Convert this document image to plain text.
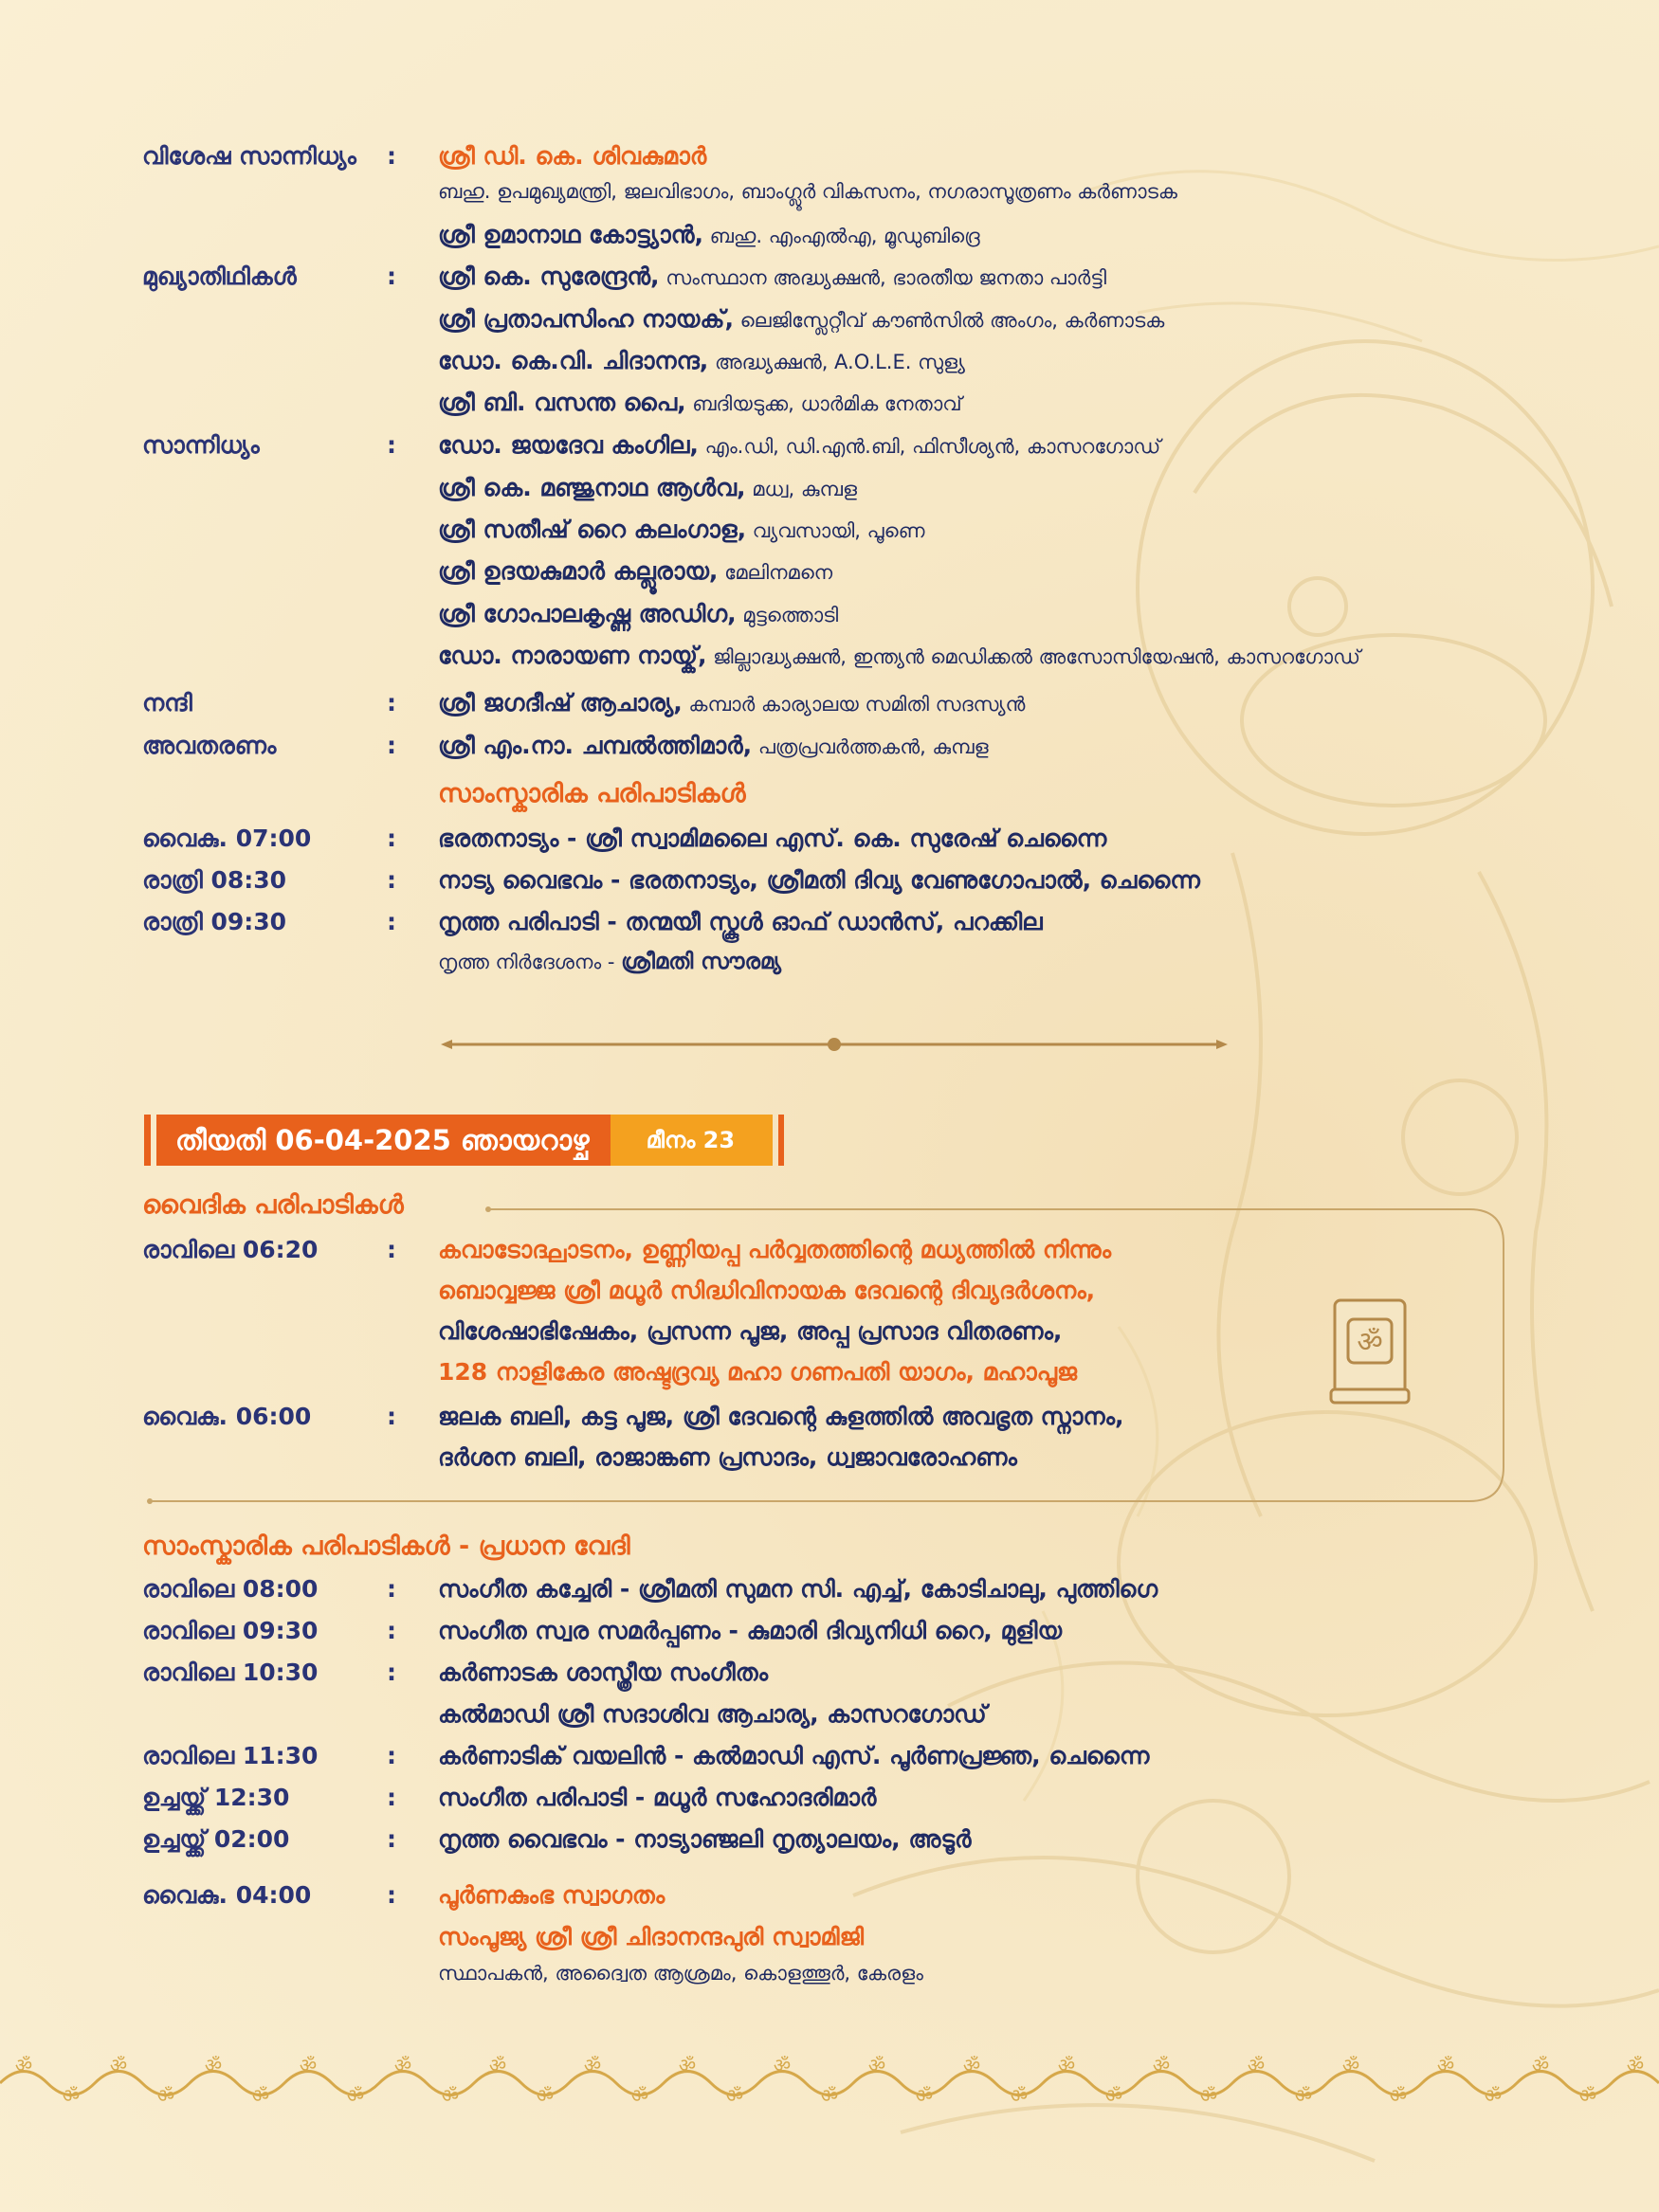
വിശേഷ സാന്നിധ്യം	: ശ്രീ ഡി. കെ. ശിവകുമാർ
ബഹു. ഉപമുഖ്യമന്ത്രി, ജലവിഭാഗം, ബാംഗ്ലൂർ വികസനം, നഗരാസൂത്രണം കർണാടക
ശ്രീ ഉമാനാഥ കോട്ട്യാൻ, ബഹു. എംഎൽഎ, മൂഡുബിദ്രെ
മുഖ്യാതിഥികൾ	: ശ്രീ കെ. സുരേന്ദ്രൻ, സംസ്ഥാന അദ്ധ്യക്ഷൻ, ഭാരതീയ ജനതാ പാർട്ടി
ശ്രീ പ്രതാപസിംഹ നായക്, ലെജിസ്ലേറ്റീവ് കൗൺസിൽ അംഗം, കർണാടക
ഡോ. കെ.വി. ചിദാനന്ദ, അദ്ധ്യക്ഷൻ, A.O.L.E. സുള്യ
ശ്രീ ബി. വസന്ത പൈ, ബദിയടുക്ക, ധാർമിക നേതാവ്
സാന്നിധ്യം	: ഡോ. ജയദേവ കംഗില, എം.ഡി, ഡി.എൻ.ബി, ഫിസീശ്യൻ, കാസറഗോഡ്
ശ്രീ കെ. മഞ്ജുനാഥ ആൾവ, മധ്വ, കുമ്പള
ശ്രീ സതീഷ് റൈ കലംഗാള, വ്യവസായി, പൂണെ
ശ്രീ ഉദയകുമാർ കല്ലൂരായ, മേലിനമനെ
ശ്രീ ഗോപാലകൃഷ്ണ അഡിഗ, മുട്ടത്തൊടി
ഡോ. നാരായണ നായ്ക്, ജില്ലാദ്ധ്യക്ഷൻ, ഇന്ത്യൻ മെഡിക്കൽ അസോസിയേഷൻ, കാസറഗോഡ്
നന്ദി	: ശ്രീ ജഗദീഷ് ആചാര്യ, കമ്പാർ കാര്യാലയ സമിതി സദസ്യൻ
അവതരണം	: ശ്രീ എം.നാ. ചമ്പൽത്തിമാർ, പത്രപ്രവർത്തകൻ, കുമ്പള
സാംസ്കാരിക പരിപാടികൾ
വൈകു. 07:00	: ഭരതനാട്യം - ശ്രീ സ്വാമിമലൈ എസ്. കെ. സുരേഷ് ചെന്നൈ
രാത്രി 08:30	: നാട്യ വൈഭവം - ഭരതനാട്യം, ശ്രീമതി ദിവ്യ വേണുഗോപാൽ, ചെന്നൈ
രാത്രി 09:30	: നൃത്ത പരിപാടി - തന്മയീ സ്കൂൾ ഓഫ് ഡാൻസ്, പറക്കില
നൃത്ത നിർദേശനം - ശ്രീമതി സൗരമ്യ
തീയതി 06-04-2025 ഞായറാഴ്ച	മീനം 23
വൈദിക പരിപാടികൾ
ॐ
രാവിലെ 06:20	: കവാടോദ്ഘാടനം, ഉണ്ണിയപ്പ പർവ്വതത്തിന്റെ മധ്യത്തിൽ നിന്നും
ബൊവ്വജ്ജ ശ്രീ മധൂർ സിദ്ധിവിനായക ദേവന്റെ ദിവ്യദർശനം,
വിശേഷാഭിഷേകം, പ്രസന്ന പൂജ, അപ്പ പ്രസാദ വിതരണം,
128 നാളികേര അഷ്ടദ്രവ്യ മഹാ ഗണപതി യാഗം, മഹാപൂജ
വൈകു. 06:00	: ജലക ബലി, കട്ട പൂജ, ശ്രീ ദേവന്റെ കുളത്തിൽ അവഭൃത സ്നാനം,
ദർശന ബലി, രാജാങ്കണ പ്രസാദം, ധ്വജാവരോഹണം
സാംസ്കാരിക പരിപാടികൾ - പ്രധാന വേദി
രാവിലെ 08:00	: സംഗീത കച്ചേരി - ശ്രീമതി സുമന സി. എച്ച്, കോടിചാലു, പുത്തിഗെ
രാവിലെ 09:30	: സംഗീത സ്വര സമർപ്പണം - കുമാരി ദിവ്യനിധി റൈ, മുളിയ
രാവിലെ 10:30	: കർണാടക ശാസ്ത്രീയ സംഗീതം
കൽമാഡി ശ്രീ സദാശിവ ആചാര്യ, കാസറഗോഡ്
രാവിലെ 11:30	: കർണാടിക് വയലിൻ - കൽമാഡി എസ്. പൂർണപ്രജ്ഞ, ചെന്നൈ
ഉച്ചയ്ക്ക് 12:30	: സംഗീത പരിപാടി - മധൂർ സഹോദരിമാർ
ഉച്ചയ്ക്ക് 02:00	: നൃത്ത വൈഭവം - നാട്യാഞ്ജലി നൃത്യാലയം, അടൂർ
വൈകു. 04:00	: പൂർണകുംഭ സ്വാഗതം
സംപൂജ്യ ശ്രീ ശ്രീ ചിദാനന്ദപുരി സ്വാമിജി
സ്ഥാപകൻ, അദ്വൈത ആശ്രമം, കൊളത്തൂർ, കേരളം
ॐ
ॐ
ॐ
ॐ
ॐ
ॐ
ॐ
ॐ
ॐ
ॐ
ॐ
ॐ
ॐ
ॐ
ॐ
ॐ
ॐ
ॐ
ॐ
ॐ
ॐ
ॐ
ॐ
ॐ
ॐ
ॐ
ॐ
ॐ
ॐ
ॐ
ॐ
ॐ
ॐ
ॐ
ॐ
